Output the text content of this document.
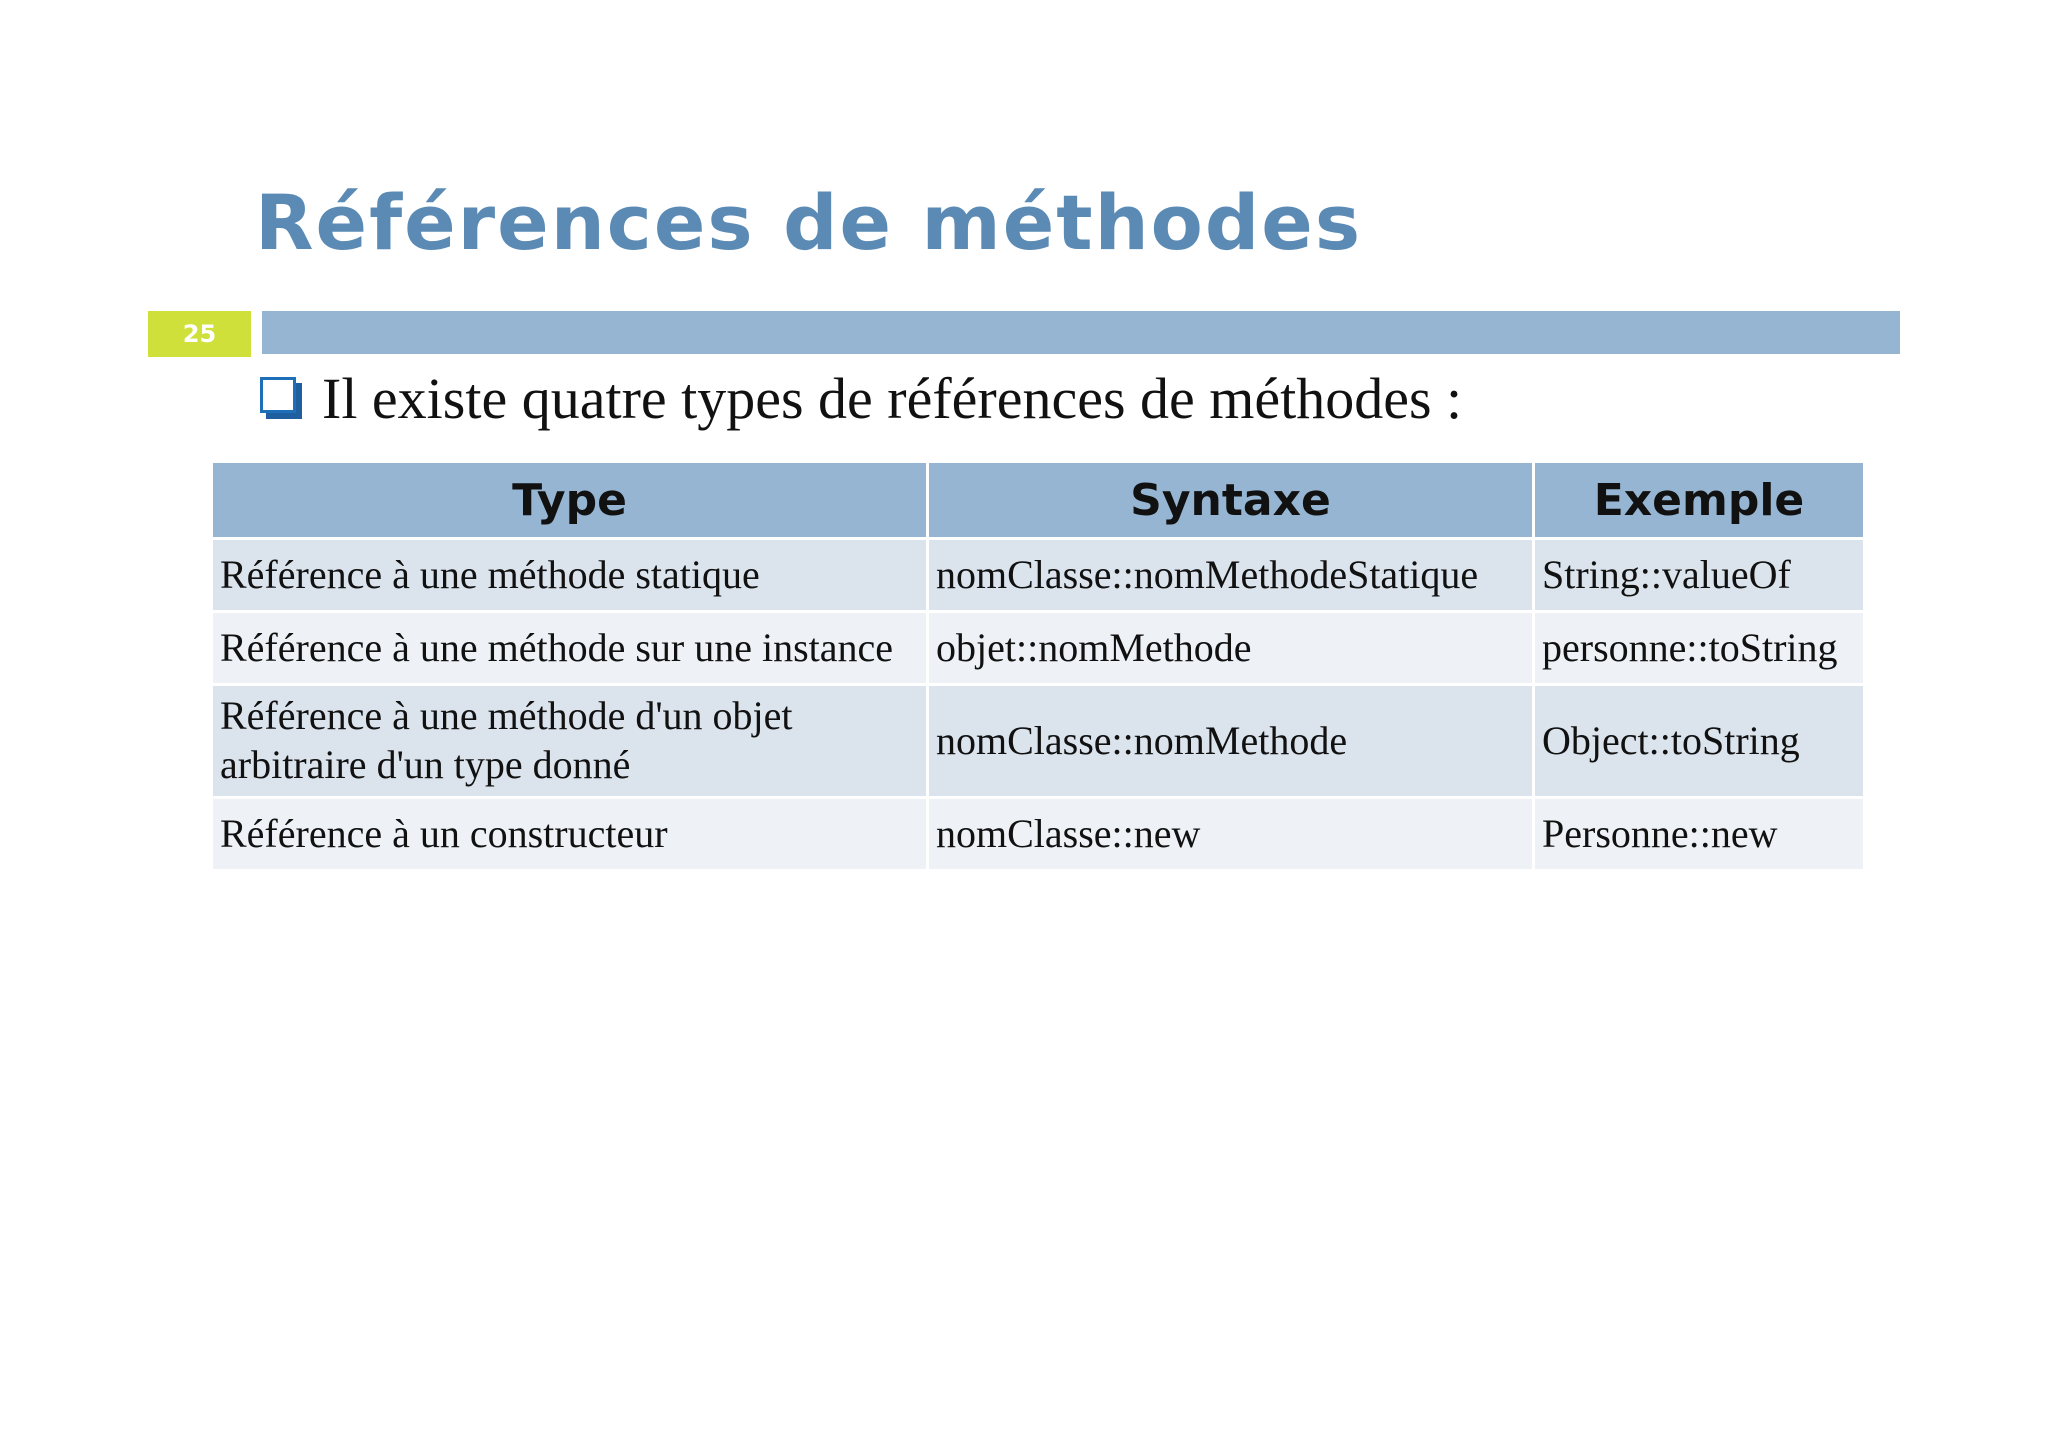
Références de méthodes
25
Il existe quatre types de références de méthodes :
Type	Syntaxe	Exemple
Référence à une méthode statique	nomClasse::nomMethodeStatique	String::valueOf
Référence à une méthode sur une instance	objet::nomMethode	personne::toString
Référence à une méthode d'un objet arbitraire d'un type donné	nomClasse::nomMethode	Object::toString
Référence à un constructeur	nomClasse::new	Personne::new
